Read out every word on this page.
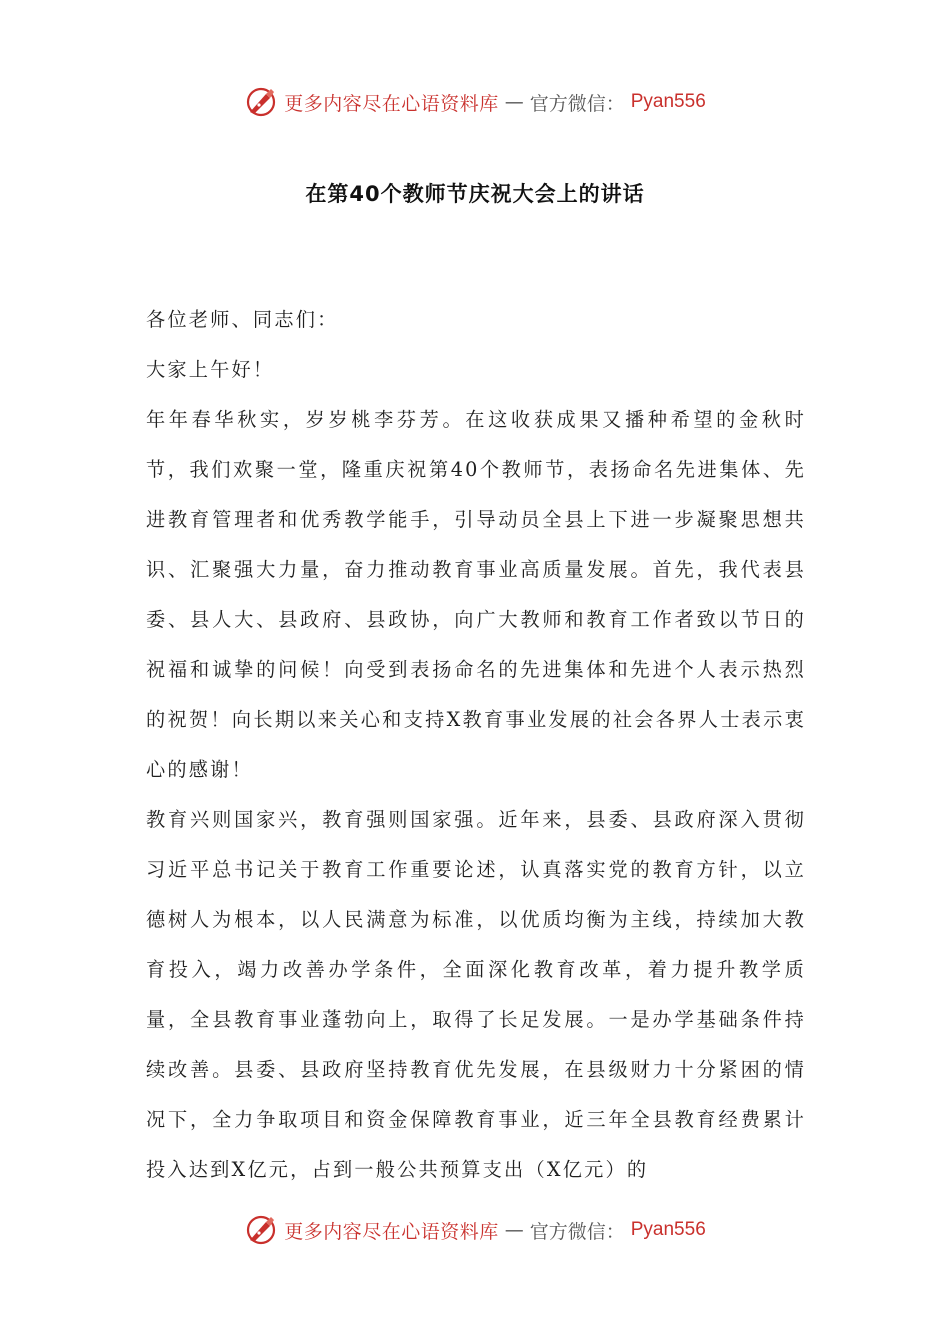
更多内容尽在心语资料库 — 官方微信： Pyan556
在第40个教师节庆祝大会上的讲话

各位老师、同志们：

大家上午好！

年年春华秋实，岁岁桃李芬芳。在这收获成果又播种希望的金秋时节，我们欢聚一堂，隆重庆祝第40个教师节，表扬命名先进集体、先进教育管理者和优秀教学能手，引导动员全县上下进一步凝聚思想共识、汇聚强大力量，奋力推动教育事业高质量发展。首先，我代表县委、县人大、县政府、县政协，向广大教师和教育工作者致以节日的祝福和诚挚的问候！向受到表扬命名的先进集体和先进个人表示热烈的祝贺！向长期以来关心和支持X教育事业发展的社会各界人士表示衷心的感谢！

教育兴则国家兴，教育强则国家强。近年来，县委、县政府深入贯彻习近平总书记关于教育工作重要论述，认真落实党的教育方针，以立德树人为根本，以人民满意为标准，以优质均衡为主线，持续加大教育投入，竭力改善办学条件，全面深化教育改革，着力提升教学质量，全县教育事业蓬勃向上，取得了长足发展。一是办学基础条件持续改善。县委、县政府坚持教育优先发展，在县级财力十分紧困的情况下，全力争取项目和资金保障教育事业，近三年全县教育经费累计投入达到X亿元，占到一般公共预算支出（X亿元）的

更多内容尽在心语资料库 — 官方微信： Pyan556
